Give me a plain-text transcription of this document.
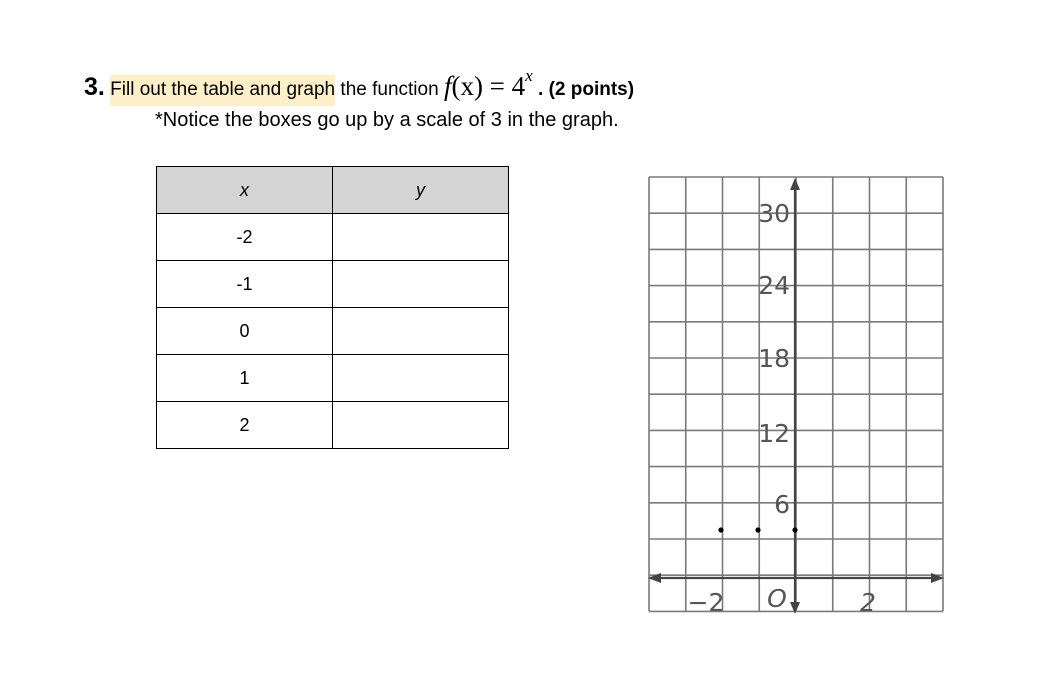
3. Fill out the table and graph the function $f(x) = 4^x$ . (2 points)
*Notice the boxes go up by a scale of 3 in the graph.
x	y
-2	
-1	
0	
1	
2	
30
24
18
12
6
−2 O	2
